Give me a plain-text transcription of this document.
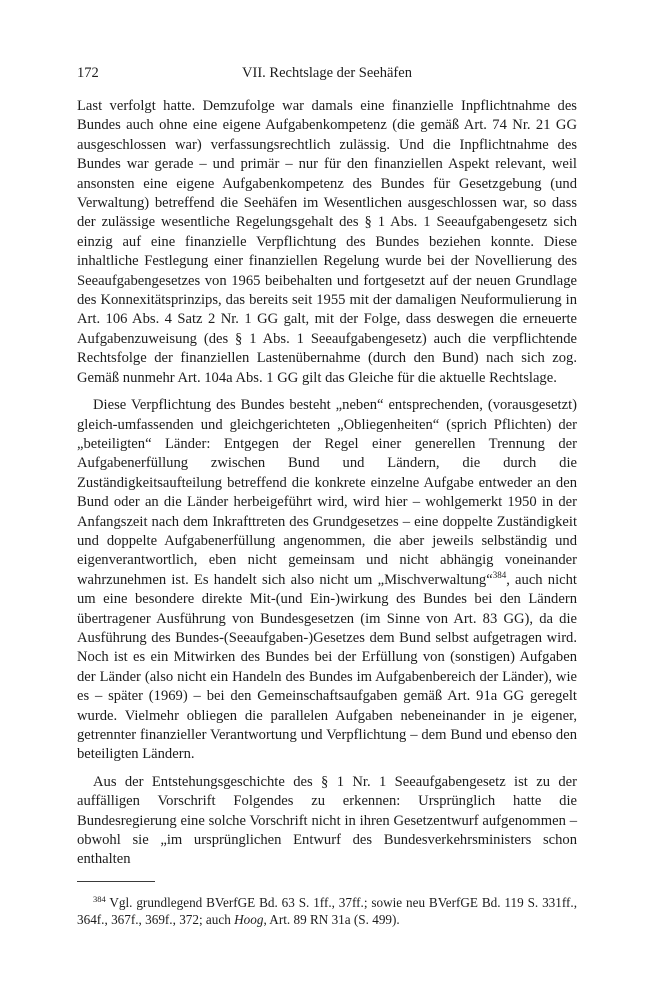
172	VII. Rechtslage der Seehäfen

Last verfolgt hatte. Demzufolge war damals eine finanzielle Inpflichtnahme des Bundes auch ohne eine eigene Aufgabenkompetenz (die gemäß Art. 74 Nr. 21 GG ausgeschlossen war) verfassungsrechtlich zulässig. Und die Inpflichtnahme des Bundes war gerade – und primär – nur für den finanziellen Aspekt relevant, weil ansonsten eine eigene Aufgabenkompetenz des Bundes für Gesetzgebung (und Verwaltung) betreffend die Seehäfen im Wesentlichen ausgeschlossen war, so dass der zulässige wesentliche Regelungsgehalt des § 1 Abs. 1 Seeaufgabengesetz sich einzig auf eine finanzielle Verpflichtung des Bundes beziehen konnte. Diese inhaltliche Festlegung einer finanziellen Regelung wurde bei der Novellierung des Seeaufgabengesetzes von 1965 beibehalten und fortgesetzt auf der neuen Grundlage des Konnexitätsprinzips, das bereits seit 1955 mit der damaligen Neuformulierung in Art. 106 Abs. 4 Satz 2 Nr. 1 GG galt, mit der Folge, dass deswegen die erneuerte Aufgabenzuweisung (des § 1 Abs. 1 Seeaufgabengesetz) auch die verpflichtende Rechtsfolge der finanziellen Lastenübernahme (durch den Bund) nach sich zog. Gemäß nunmehr Art. 104a Abs. 1 GG gilt das Gleiche für die aktuelle Rechtslage.

Diese Verpflichtung des Bundes besteht „neben“ entsprechenden, (vorausgesetzt) gleich-umfassenden und gleichgerichteten „Obliegenheiten“ (sprich Pflichten) der „beteiligten“ Länder: Entgegen der Regel einer generellen Trennung der Aufgabenerfüllung zwischen Bund und Ländern, die durch die Zuständigkeitsaufteilung betreffend die konkrete einzelne Aufgabe entweder an den Bund oder an die Länder herbeigeführt wird, wird hier – wohlgemerkt 1950 in der Anfangszeit nach dem Inkrafttreten des Grundgesetzes – eine doppelte Zuständigkeit und doppelte Aufgabenerfüllung angenommen, die aber jeweils selbständig und eigenverantwortlich, eben nicht gemeinsam und nicht abhängig voneinander wahrzunehmen ist. Es handelt sich also nicht um „Mischverwaltung“$^{384}$, auch nicht um eine besondere direkte Mit-(und Ein-)wirkung des Bundes bei den Ländern übertragener Ausführung von Bundesgesetzen (im Sinne von Art. 83 GG), da die Ausführung des Bundes-(Seeaufgaben-)Gesetzes dem Bund selbst aufgetragen wird. Noch ist es ein Mitwirken des Bundes bei der Erfüllung von (sonstigen) Aufgaben der Länder (also nicht ein Handeln des Bundes im Aufgabenbereich der Länder), wie es – später (1969) – bei den Gemeinschaftsaufgaben gemäß Art. 91a GG geregelt wurde. Vielmehr obliegen die parallelen Aufgaben nebeneinander in je eigener, getrennter finanzieller Verantwortung und Verpflichtung – dem Bund und ebenso den beteiligten Ländern.

Aus der Entstehungsgeschichte des § 1 Nr. 1 Seeaufgabengesetz ist zu der auffälligen Vorschrift Folgendes zu erkennen: Ursprünglich hatte die Bundesregierung eine solche Vorschrift nicht in ihren Gesetzentwurf aufgenommen – obwohl sie „im ursprünglichen Entwurf des Bundesverkehrsministers schon enthalten

$^{384}$ Vgl. grundlegend BVerfGE Bd. 63 S. 1ff., 37ff.; sowie neu BVerfGE Bd. 119 S. 331ff., 364f., 367f., 369f., 372; auch Hoog, Art. 89 RN 31a (S. 499).
